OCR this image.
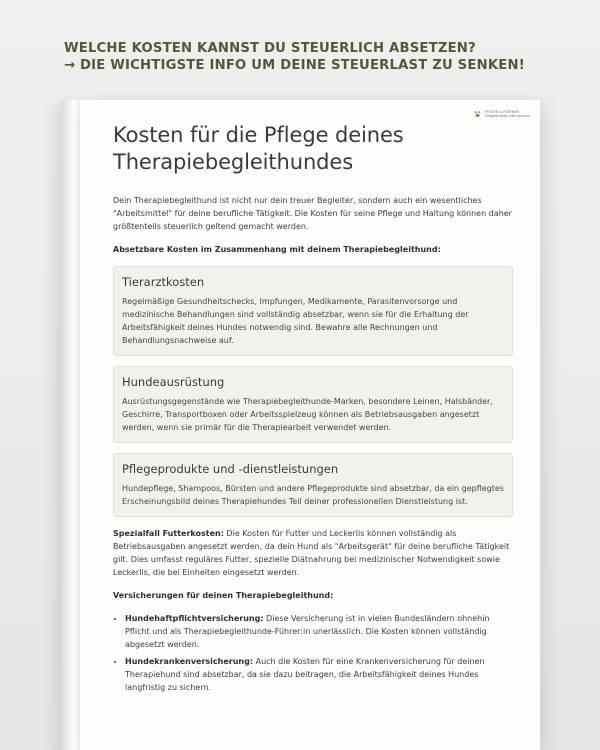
WELCHE KOSTEN KANNST DU STEUERLICH ABSETZEN?
→ DIE WICHTIGSTE INFO UM DEINE STEUERLAST ZU SENKEN!
PFOTEN & PARTNER
Tiergestützte Intervention
Kosten für die Pflege deines Therapiebegleithundes

Dein Therapiebegleithund ist nicht nur dein treuer Begleiter, sondern auch ein wesentliches "Arbeitsmittel" für deine berufliche Tätigkeit. Die Kosten für seine Pflege und Haltung können daher größtenteils steuerlich geltend gemacht werden.

Absetzbare Kosten im Zusammenhang mit deinem Therapiebegleithund:

Tierarztkosten
Regelmäßige Gesundheitschecks, Impfungen, Medikamente, Parasitenvorsorge und medizinische Behandlungen sind vollständig absetzbar, wenn sie für die Erhaltung der Arbeitsfähigkeit deines Hundes notwendig sind. Bewahre alle Rechnungen und Behandlungsnachweise auf.
Hundeausrüstung
Ausrüstungsgegenstände wie Therapiebegleithunde-Marken, besondere Leinen, Halsbänder, Geschirre, Transportboxen oder Arbeitsspielzeug können als Betriebsausgaben angesetzt werden, wenn sie primär für die Therapiearbeit verwendet werden.
Pflegeprodukte und -dienstleistungen
Hundepflege, Shampoos, Bürsten und andere Pflegeprodukte sind absetzbar, da ein gepflegtes Erscheinungsbild deines Therapiehundes Teil deiner professionellen Dienstleistung ist.

Spezialfall Futterkosten: Die Kosten für Futter und Leckerlis können vollständig als Betriebsausgaben angesetzt werden, da dein Hund als "Arbeitsgerät" für deine berufliche Tätigkeit gilt. Dies umfasst reguläres Futter, spezielle Diätnahrung bei medizinischer Notwendigkeit sowie Leckerlis, die bei Einheiten eingesetzt werden.

Versicherungen für deinen Therapiebegleithund:

• Hundehaftpflichtversicherung: Diese Versicherung ist in vielen Bundesländern ohnehin Pflicht und als Therapiebegleithunde-Führer:in unerlässlich. Die Kosten können vollständig abgesetzt werden.
• Hundekrankenversicherung: Auch die Kosten für eine Krankenversicherung für deinen Therapiehund sind absetzbar, da sie dazu beitragen, die Arbeitsfähigkeit deines Hundes langfristig zu sichern.
